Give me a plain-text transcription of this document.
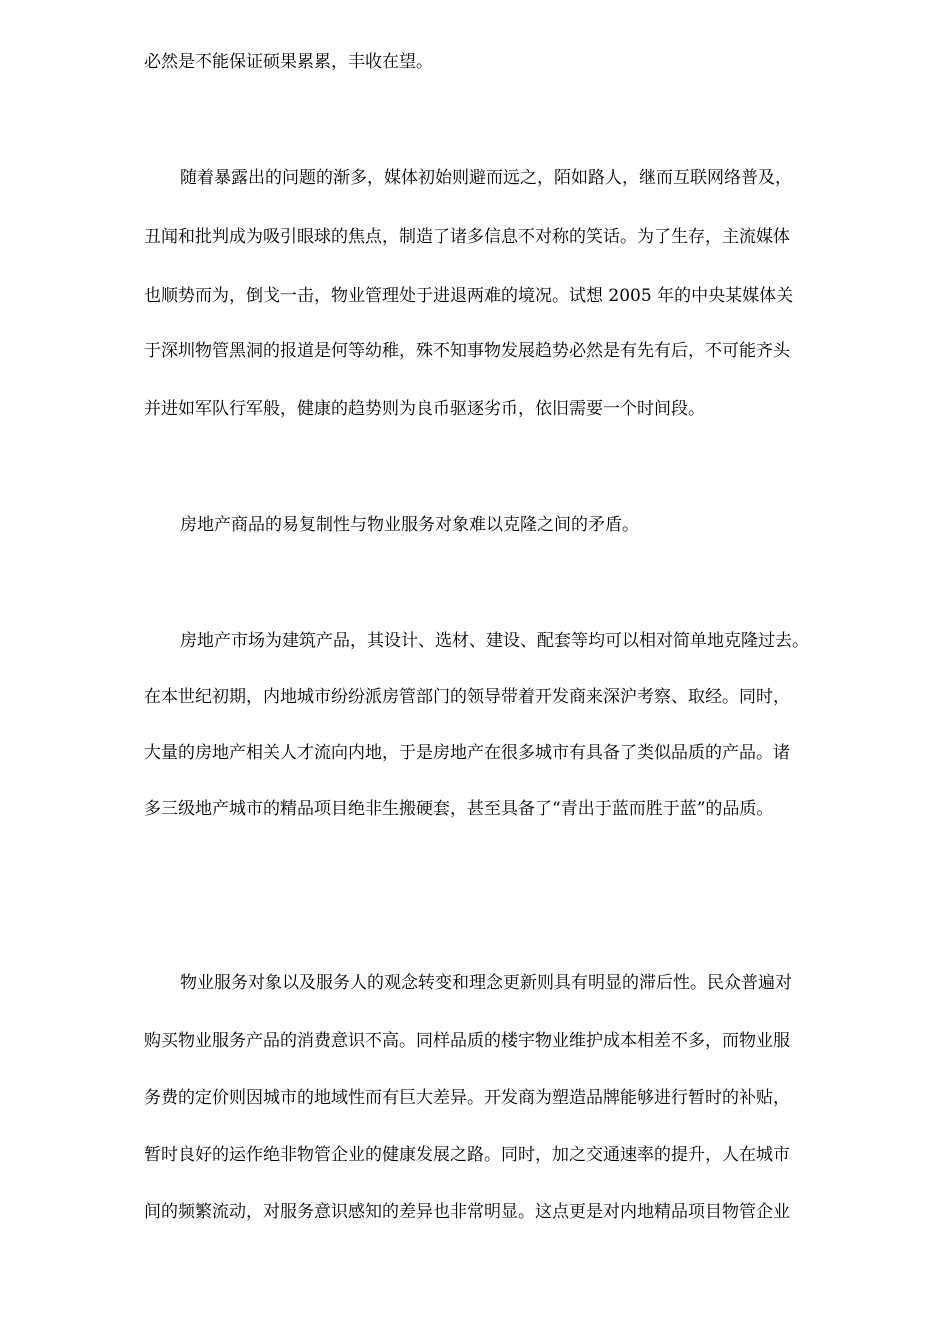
必然是不能保证硕果累累，丰收在望。
随着暴露出的问题的渐多，媒体初始则避而远之，陌如路人，继而互联网络普及，
丑闻和批判成为吸引眼球的焦点，制造了诸多信息不对称的笑话。为了生存，主流媒体
也顺势而为，倒戈一击，物业管理处于进退两难的境况。试想 2005 年的中央某媒体关
于深圳物管黑洞的报道是何等幼稚，殊不知事物发展趋势必然是有先有后，不可能齐头
并进如军队行军般，健康的趋势则为良币驱逐劣币，依旧需要一个时间段。
房地产商品的易复制性与物业服务对象难以克隆之间的矛盾。
房地产市场为建筑产品，其设计、选材、建设、配套等均可以相对简单地克隆过去。
在本世纪初期，内地城市纷纷派房管部门的领导带着开发商来深沪考察、取经。同时，
大量的房地产相关人才流向内地，于是房地产在很多城市有具备了类似品质的产品。诸
多三级地产城市的精品项目绝非生搬硬套，甚至具备了“青出于蓝而胜于蓝”的品质。
物业服务对象以及服务人的观念转变和理念更新则具有明显的滞后性。民众普遍对
购买物业服务产品的消费意识不高。同样品质的楼宇物业维护成本相差不多，而物业服
务费的定价则因城市的地域性而有巨大差异。开发商为塑造品牌能够进行暂时的补贴，
暂时良好的运作绝非物管企业的健康发展之路。同时，加之交通速率的提升，人在城市
间的频繁流动，对服务意识感知的差异也非常明显。这点更是对内地精品项目物管企业
